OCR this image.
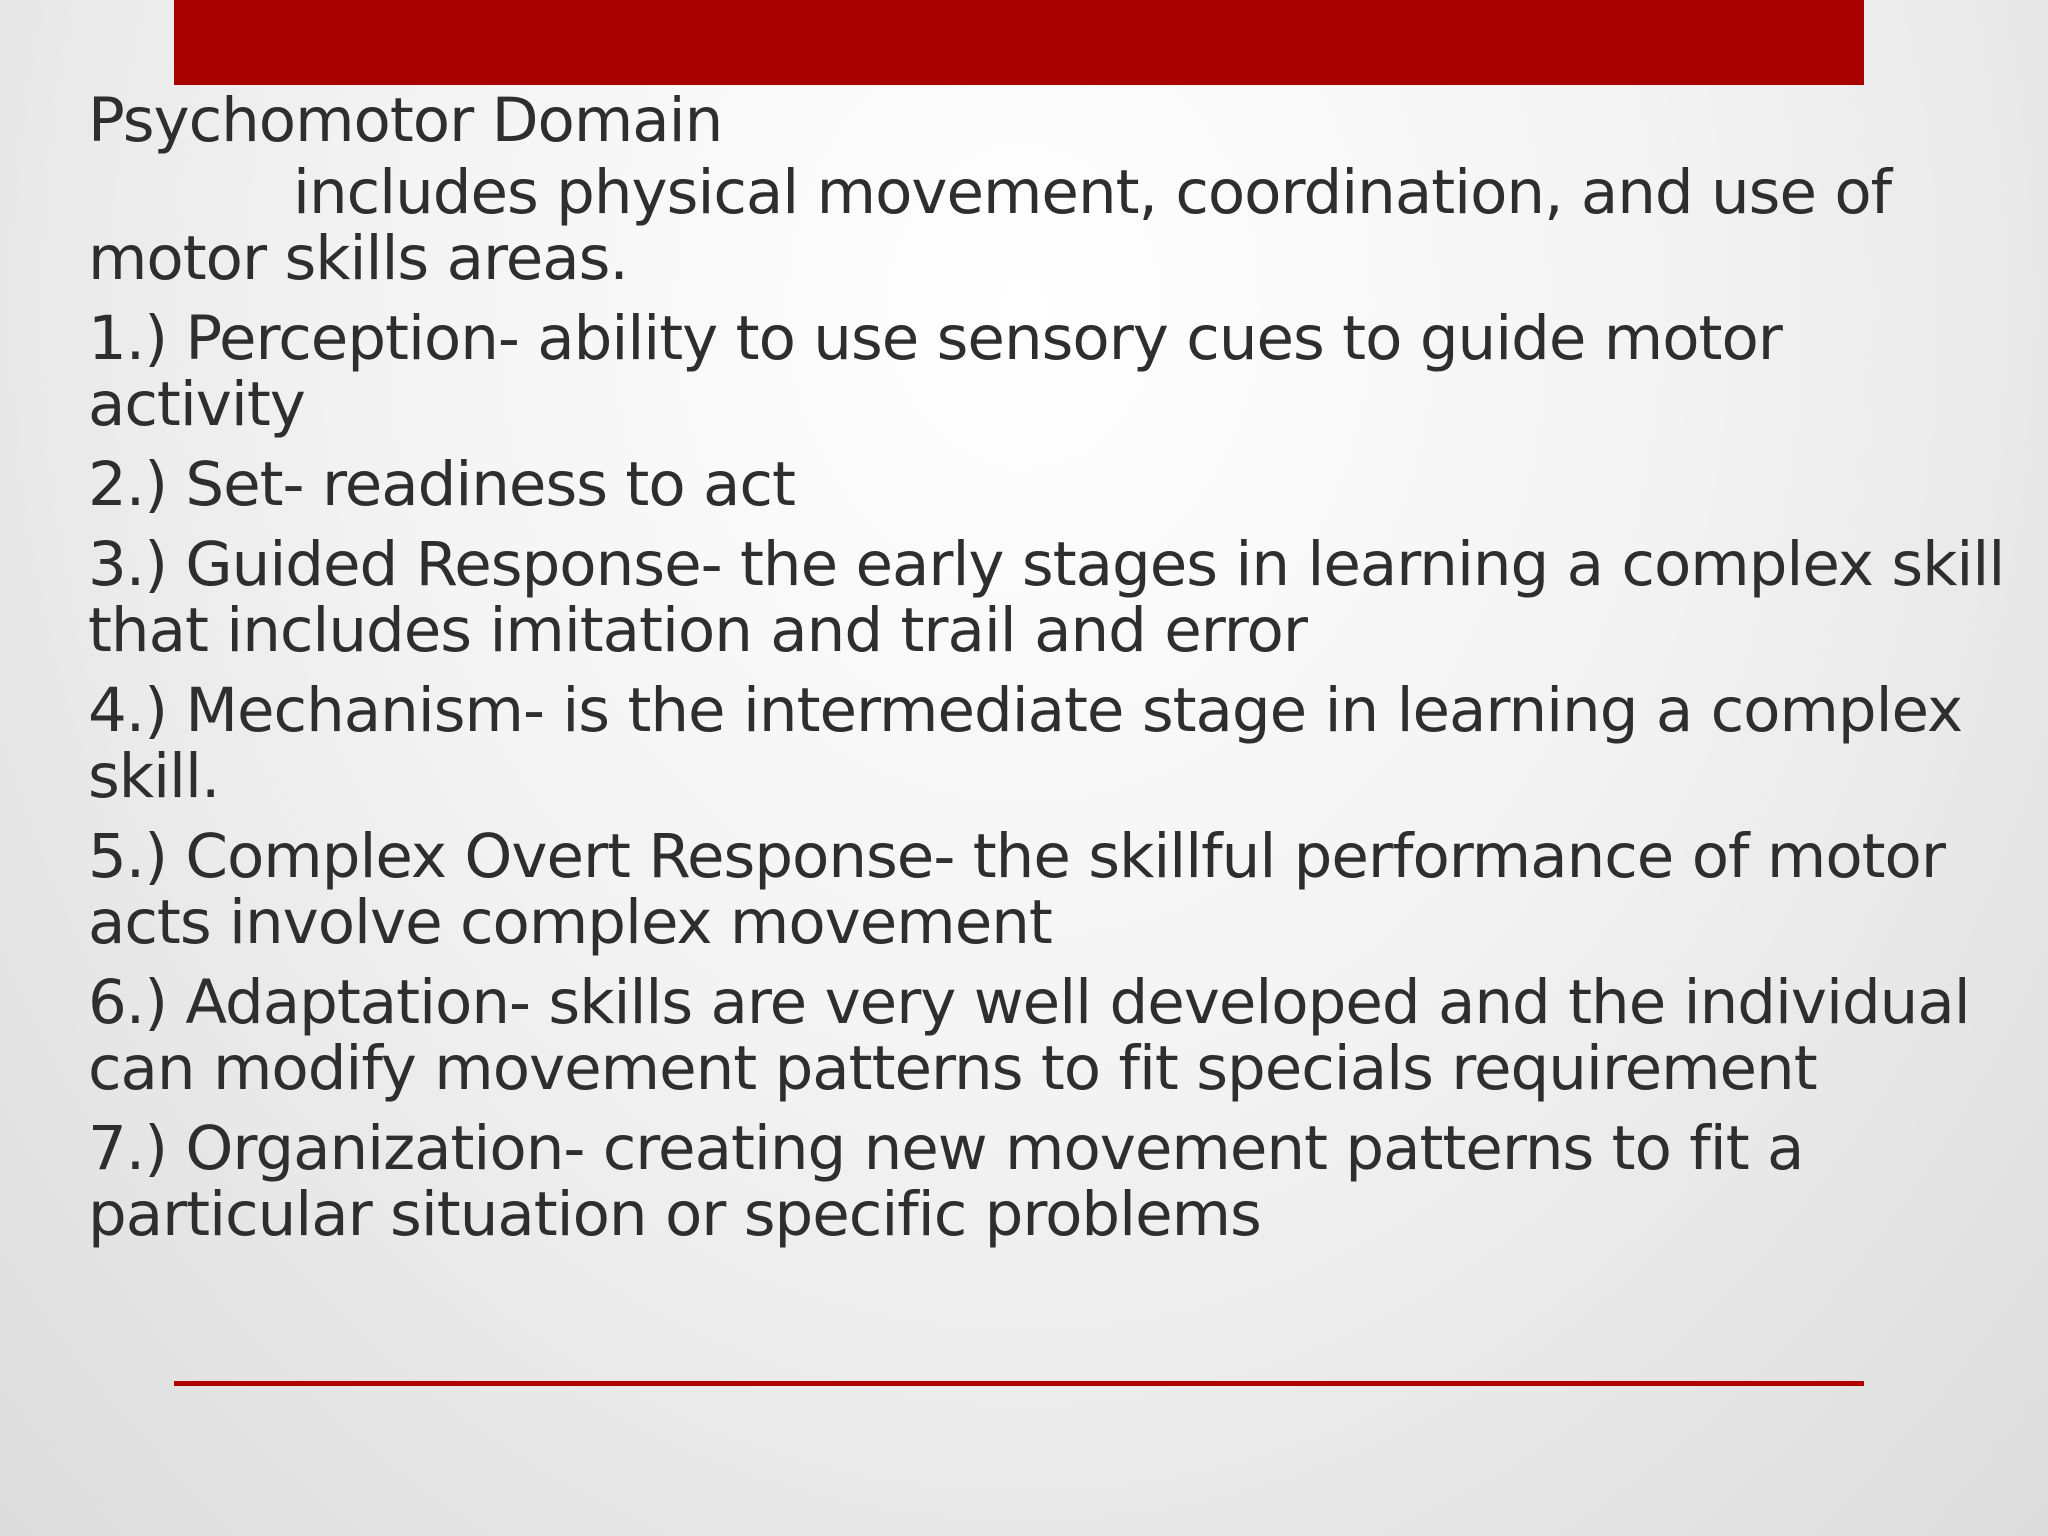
Psychomotor Domain

includes physical movement, coordination, and use of motor skills areas.

1.) Perception- ability to use sensory cues to guide motor activity

2.) Set- readiness to act

3.) Guided Response- the early stages in learning a complex skill that includes imitation and trail and error

4.) Mechanism- is the intermediate stage in learning a complex skill.

5.) Complex Overt Response- the skillful performance of motor acts involve complex movement

6.) Adaptation- skills are very well developed and the individual can modify movement patterns to fit specials requirement

7.) Organization- creating new movement patterns to fit a particular situation or specific problems
